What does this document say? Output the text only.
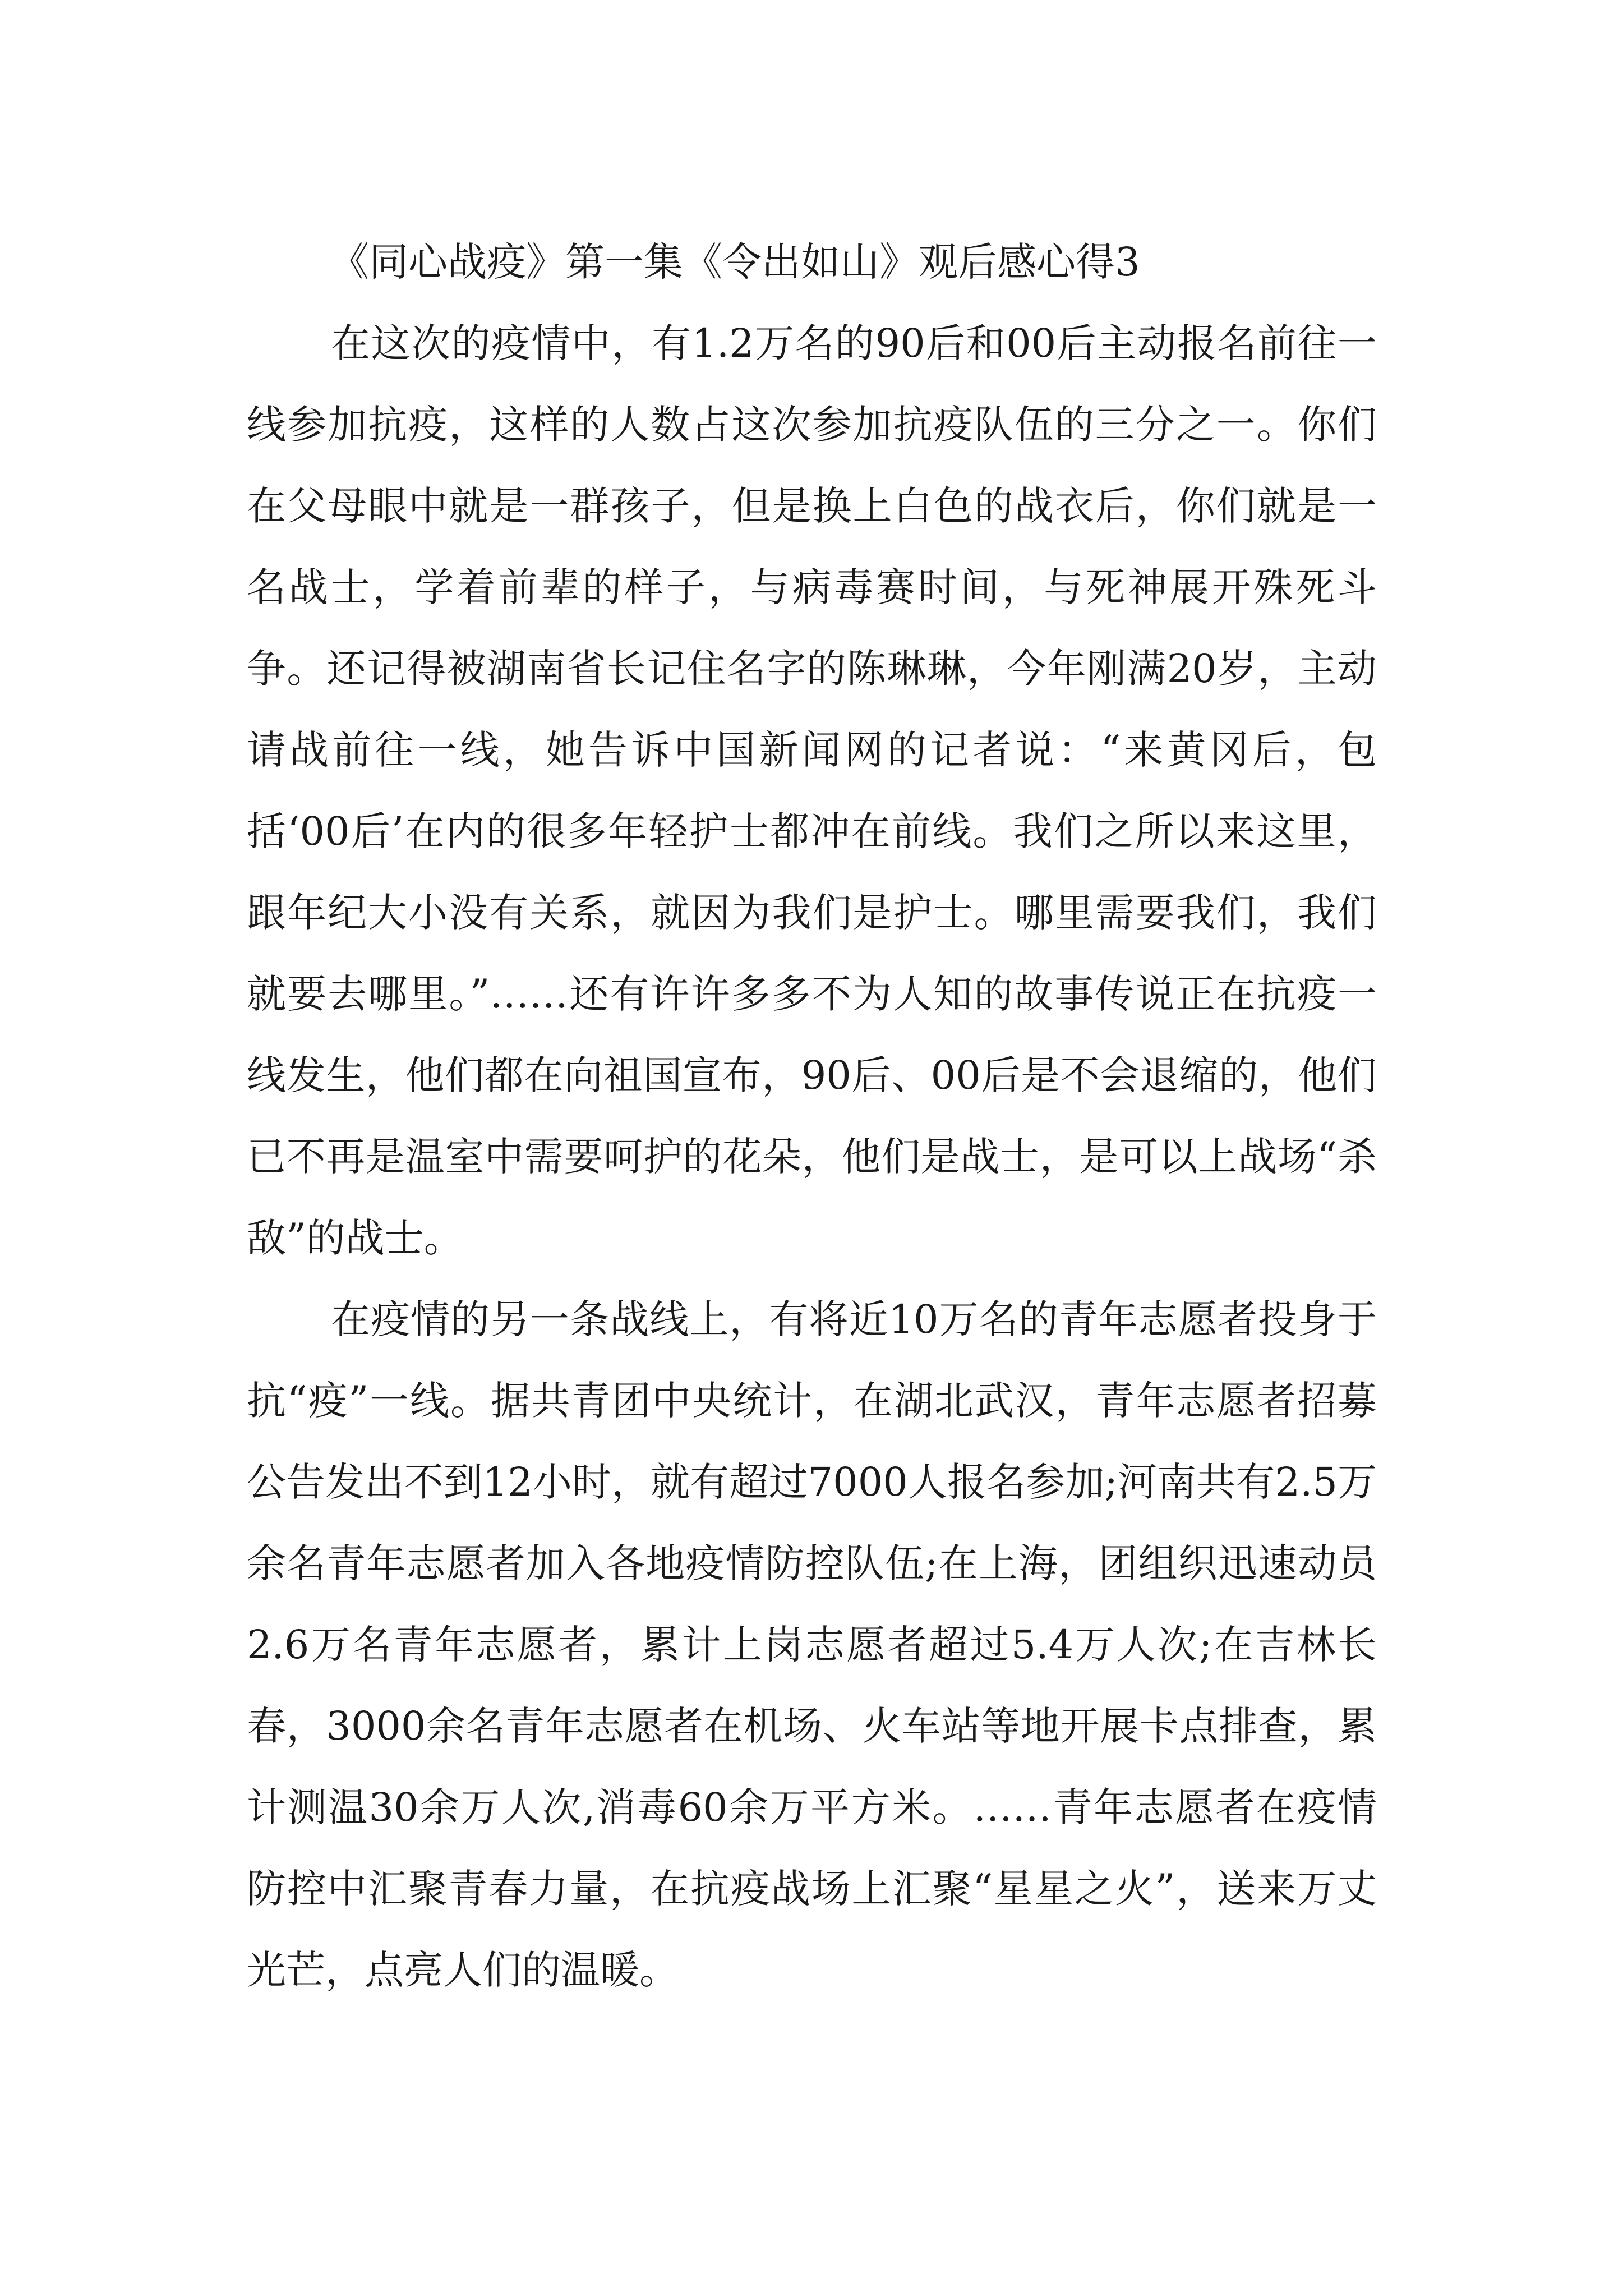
《同心战疫》第一集《令出如山》观后感心得3

在这次的疫情中，有1.2万名的90后和00后主动报名前往一线参加抗疫，这样的人数占这次参加抗疫队伍的三分之一。你们在父母眼中就是一群孩子，但是换上白色的战衣后，你们就是一名战士，学着前辈的样子，与病毒赛时间，与死神展开殊死斗争。还记得被湖南省长记住名字的陈琳琳，今年刚满20岁，主动请战前往一线，她告诉中国新闻网的记者说：“来黄冈后，包括‘00后’在内的很多年轻护士都冲在前线。我们之所以来这里，跟年纪大小没有关系，就因为我们是护士。哪里需要我们，我们就要去哪里。”……还有许许多多不为人知的故事传说正在抗疫一线发生，他们都在向祖国宣布，90后、00后是不会退缩的，他们已不再是温室中需要呵护的花朵，他们是战士，是可以上战场“杀敌”的战士。

在疫情的另一条战线上，有将近10万名的青年志愿者投身于抗“疫”一线。据共青团中央统计，在湖北武汉，青年志愿者招募公告发出不到12小时，就有超过7000人报名参加;河南共有2.5万余名青年志愿者加入各地疫情防控队伍;在上海，团组织迅速动员2.6万名青年志愿者，累计上岗志愿者超过5.4万人次;在吉林长春，3000余名青年志愿者在机场、火车站等地开展卡点排查，累计测温30余万人次,消毒60余万平方米。……青年志愿者在疫情防控中汇聚青春力量，在抗疫战场上汇聚“星星之火”，送来万丈光芒，点亮人们的温暖。
